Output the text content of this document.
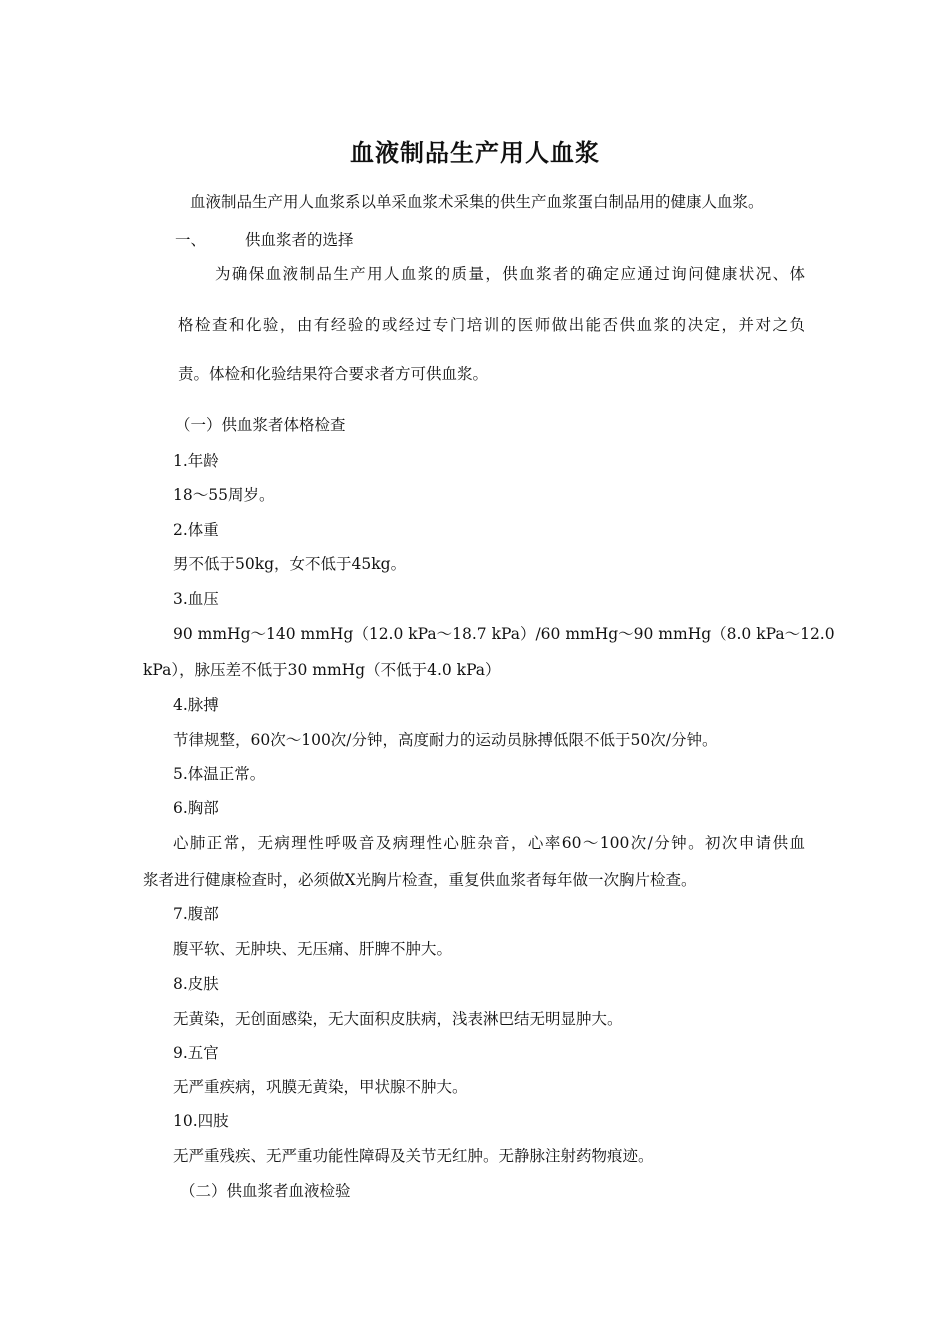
血液制品生产用人血浆
血液制品生产用人血浆系以单采血浆术采集的供生产血浆蛋白制品用的健康人血浆。
一、	供血浆者的选择
为确保血液制品生产用人血浆的质量，供血浆者的确定应通过询问健康状况、体
格检查和化验，由有经验的或经过专门培训的医师做出能否供血浆的决定，并对之负
责。体检和化验结果符合要求者方可供血浆。
（一）供血浆者体格检查
1.年龄
18～55周岁。
2.体重
男不低于50kg，女不低于45kg。
3.血压
90 mmHg～140 mmHg（12.0 kPa～18.7 kPa）/60 mmHg～90 mmHg（8.0 kPa～12.0
kPa），脉压差不低于30 mmHg（不低于4.0 kPa）
4.脉搏
节律规整，60次～100次/分钟，高度耐力的运动员脉搏低限不低于50次/分钟。
5.体温正常。
6.胸部
心肺正常，无病理性呼吸音及病理性心脏杂音，心率60～100次/分钟。初次申请供血
浆者进行健康检查时，必须做X光胸片检查，重复供血浆者每年做一次胸片检查。
7.腹部
腹平软、无肿块、无压痛、肝脾不肿大。
8.皮肤
无黄染，无创面感染，无大面积皮肤病，浅表淋巴结无明显肿大。
9.五官
无严重疾病，巩膜无黄染，甲状腺不肿大。
10.四肢
无严重残疾、无严重功能性障碍及关节无红肿。无静脉注射药物痕迹。
（二）供血浆者血液检验
